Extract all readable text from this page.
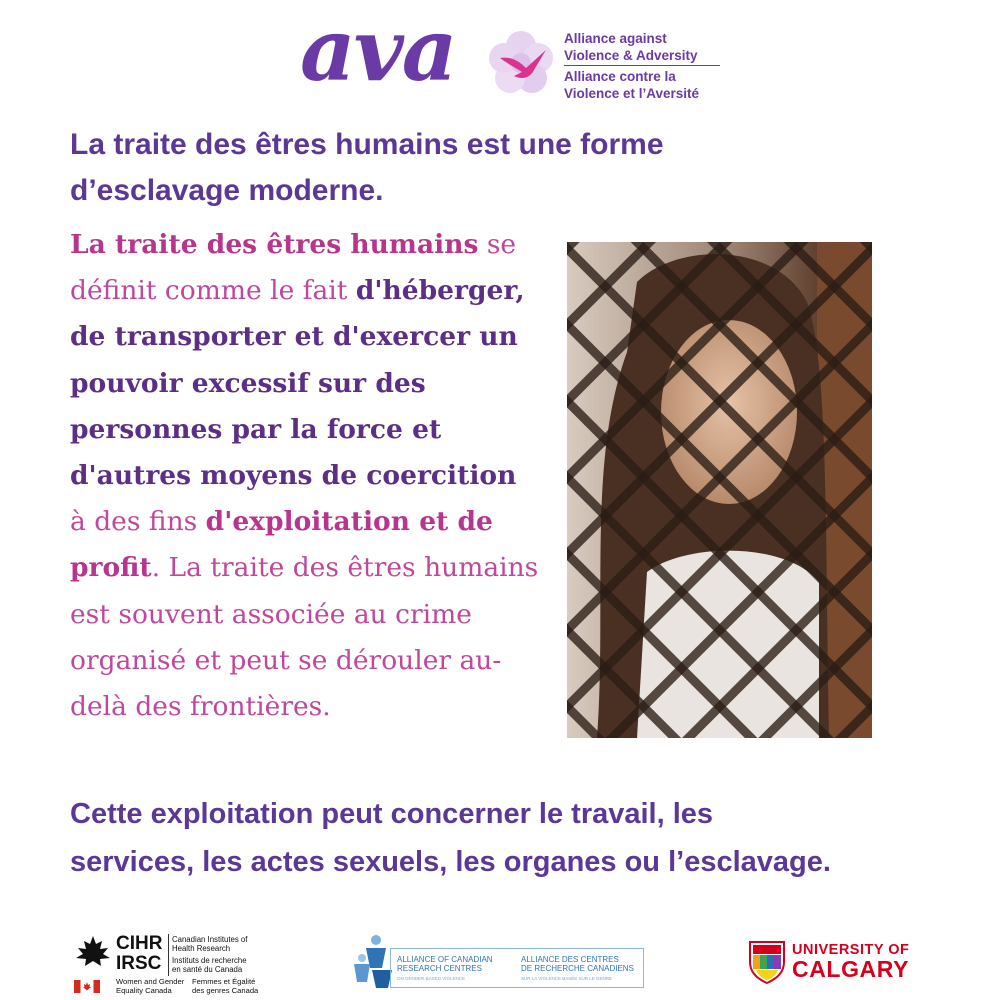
ava	Alliance against
Violence & Adversity
Alliance contre la
Violence et l’Aversité
La traite des êtres humains est une forme
d’esclavage moderne.

La traite des êtres humains se définit comme le fait d'héberger, de transporter et d'exercer un pouvoir excessif sur des personnes par la force et d'autres moyens de coercition à des fins d'exploitation et de profit. La traite des êtres humains est souvent associée au crime organisé et peut se dérouler au-delà des frontières.

Cette exploitation peut concerner le travail, les
services, les actes sexuels, les organes ou l’esclavage.

CIHR
IRSC
Canadian Institutes of
Health Research
Instituts de recherche
en santé du Canada
Women and Gender
Equality Canada
Femmes et Égalité
des genres Canada
ALLIANCE OF CANADIAN
RESEARCH CENTRES
ON GENDER-BASED VIOLENCE
ALLIANCE DES CENTRES
DE RECHERCHE CANADIENS
SUR LA VIOLENCE BASÉE SUR LE GENRE
UNIVERSITY OF
CALGARY
